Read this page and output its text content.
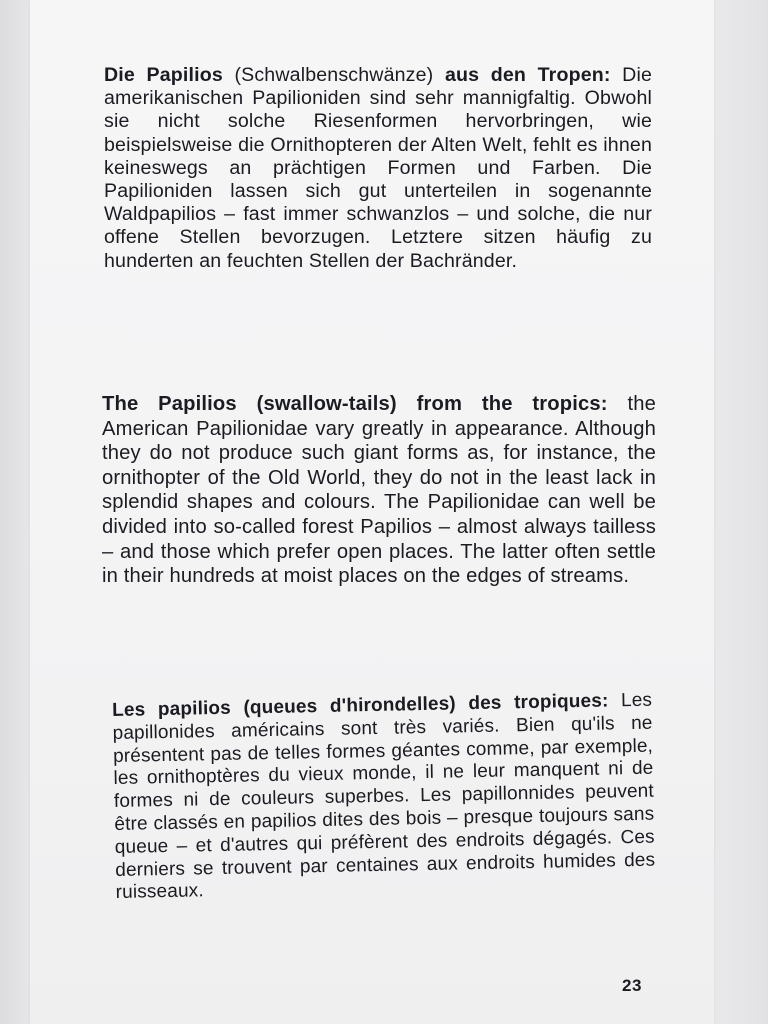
Die Papilios (Schwalbenschwänze) aus den Tropen: Die amerikanischen Papilioniden sind sehr mannigfaltig. Obwohl sie nicht solche Riesenformen hervorbringen, wie beispielsweise die Ornithopteren der Alten Welt, fehlt es ihnen keineswegs an prächtigen Formen und Farben. Die Papilioniden lassen sich gut unterteilen in sogenannte Waldpapilios – fast immer schwanzlos – und solche, die nur offene Stellen bevorzugen. Letztere sitzen häufig zu hunderten an feuchten Stellen der Bachränder.
The Papilios (swallow-tails) from the tropics: the American Papilionidae vary greatly in appearance. Although they do not produce such giant forms as, for instance, the ornithopter of the Old World, they do not in the least lack in splendid shapes and colours. The Papilionidae can well be divided into so-called forest Papilios – almost always tailless – and those which prefer open places. The latter often settle in their hundreds at moist places on the edges of streams.
Les papilios (queues d'hirondelles) des tropiques: Les papillonides américains sont très variés. Bien qu'ils ne présentent pas de telles formes géantes comme, par exemple, les ornithoptères du vieux monde, il ne leur manquent ni de formes ni de couleurs superbes. Les papillonnides peuvent être classés en papilios dites des bois – presque toujours sans queue – et d'autres qui préfèrent des endroits dégagés. Ces derniers se trouvent par centaines aux endroits humides des ruisseaux.
23
